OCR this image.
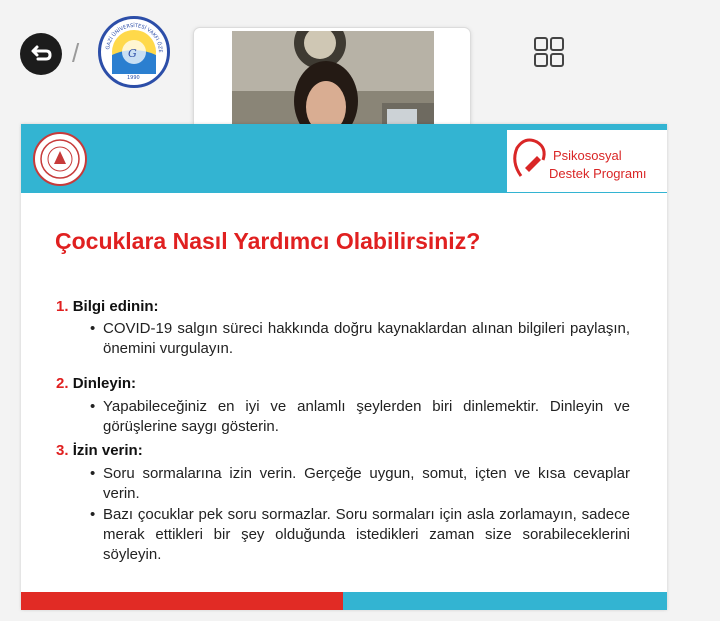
/	G
GAZİ ÜNİVERSİTESİ VAKFI ÖZE
1990
Psikososyal
Destek Programı
Çocuklara Nasıl Yardımcı Olabilirsiniz?
1. Bilgi edinin:
• COVID-19 salgın süreci hakkında doğru kaynaklardan alınan bilgileri paylaşın, önemini vurgulayın.
2. Dinleyin:
• Yapabileceğiniz en iyi ve anlamlı şeylerden biri dinlemektir. Dinleyin ve görüşlerine saygı gösterin.
3. İzin verin:
• Soru sormalarına izin verin. Gerçeğe uygun, somut, içten ve kısa cevaplar verin.
• Bazı çocuklar pek soru sormazlar. Soru sormaları için asla zorlamayın, sadece merak ettikleri bir şey olduğunda istedikleri zaman size sorabileceklerini söyleyin.
